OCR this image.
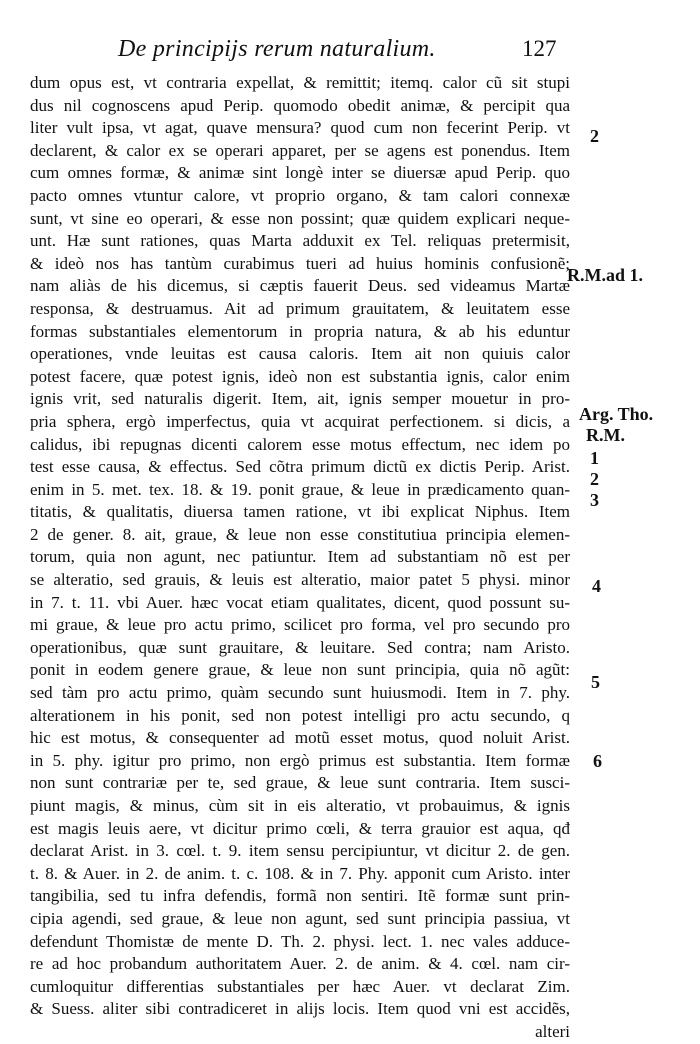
De principijs rerum naturalium.	127
dum opus est, vt contraria expellat, & remittit; itemq. calor cũ sit stupi
dus nil cognoscens apud Perip. quomodo obedit animæ, & percipit qua
liter vult ipsa, vt agat, quave mensura? quod cum non fecerint Perip. vt
declarent, & calor ex se operari apparet, per se agens est ponendus. Item
cum omnes formæ, & animæ sint longè inter se diuersæ apud Perip. quo
pacto omnes vtuntur calore, vt proprio organo, & tam calori connexæ
sunt, vt sine eo operari, & esse non possint; quæ quidem explicari neque-
unt. Hæ sunt rationes, quas Marta adduxit ex Tel. reliquas pretermisit,
& ideò nos has tantùm curabimus tueri ad huius hominis confusionẽ;
nam aliàs de his dicemus, si cæptis fauerit Deus. sed videamus Martæ
responsa, & destruamus. Ait ad primum grauitatem, & leuitatem esse
formas substantiales elementorum in propria natura, & ab his eduntur
operationes, vnde leuitas est causa caloris. Item ait non quiuis calor
potest facere, quæ potest ignis, ideò non est substantia ignis, calor enim
ignis vrit, sed naturalis digerit. Item, ait, ignis semper mouetur in pro-
pria sphera, ergò imperfectus, quia vt acquirat perfectionem. si dicis, a
calidus, ibi repugnas dicenti calorem esse motus effectum, nec idem po
test esse causa, & effectus. Sed cõtra primum dictũ ex dictis Perip. Arist.
enim in 5. met. tex. 18. & 19. ponit graue, & leue in prædicamento quan-
titatis, & qualitatis, diuersa tamen ratione, vt ibi explicat Niphus. Item
2 de gener. 8. ait, graue, & leue non esse constitutiua principia elemen-
torum, quia non agunt, nec patiuntur. Item ad substantiam nõ est per
se alteratio, sed grauis, & leuis est alteratio, maior patet 5 physi. minor
in 7. t. 11. vbi Auer. hæc vocat etiam qualitates, dicent, quod possunt su-
mi graue, & leue pro actu primo, scilicet pro forma, vel pro secundo pro
operationibus, quæ sunt grauitare, & leuitare. Sed contra; nam Aristo.
ponit in eodem genere graue, & leue non sunt principia, quia nõ agũt:
sed tàm pro actu primo, quàm secundo sunt huiusmodi. Item in 7. phy.
alterationem in his ponit, sed non potest intelligi pro actu secundo, q
hic est motus, & consequenter ad motũ esset motus, quod noluit Arist.
in 5. phy. igitur pro primo, non ergò primus est substantia. Item formæ
non sunt contrariæ per te, sed graue, & leue sunt contraria. Item susci-
piunt magis, & minus, cùm sit in eis alteratio, vt probauimus, & ignis
est magis leuis aere, vt dicitur primo cœli, & terra grauior est aqua, qđ
declarat Arist. in 3. cœl. t. 9. item sensu percipiuntur, vt dicitur 2. de gen.
t. 8. & Auer. in 2. de anim. t. c. 108. & in 7. Phy. apponit cum Aristo. inter
tangibilia, sed tu infra defendis, formã non sentiri. Itẽ formæ sunt prin-
cipia agendi, sed graue, & leue non agunt, sed sunt principia passiua, vt
defendunt Thomistæ de mente D. Th. 2. physi. lect. 1. nec vales adduce-
re ad hoc probandum authoritatem Auer. 2. de anim. & 4. cœl. nam cir-
cumloquitur differentias substantiales per hæc Auer. vt declarat Zim.
& Suess. aliter sibi contradiceret in alijs locis. Item quod vni est accidẽs,
alteri
2
R.M.ad 1.
Arg. Tho.
R.M.
1
2
3
4
5
6
